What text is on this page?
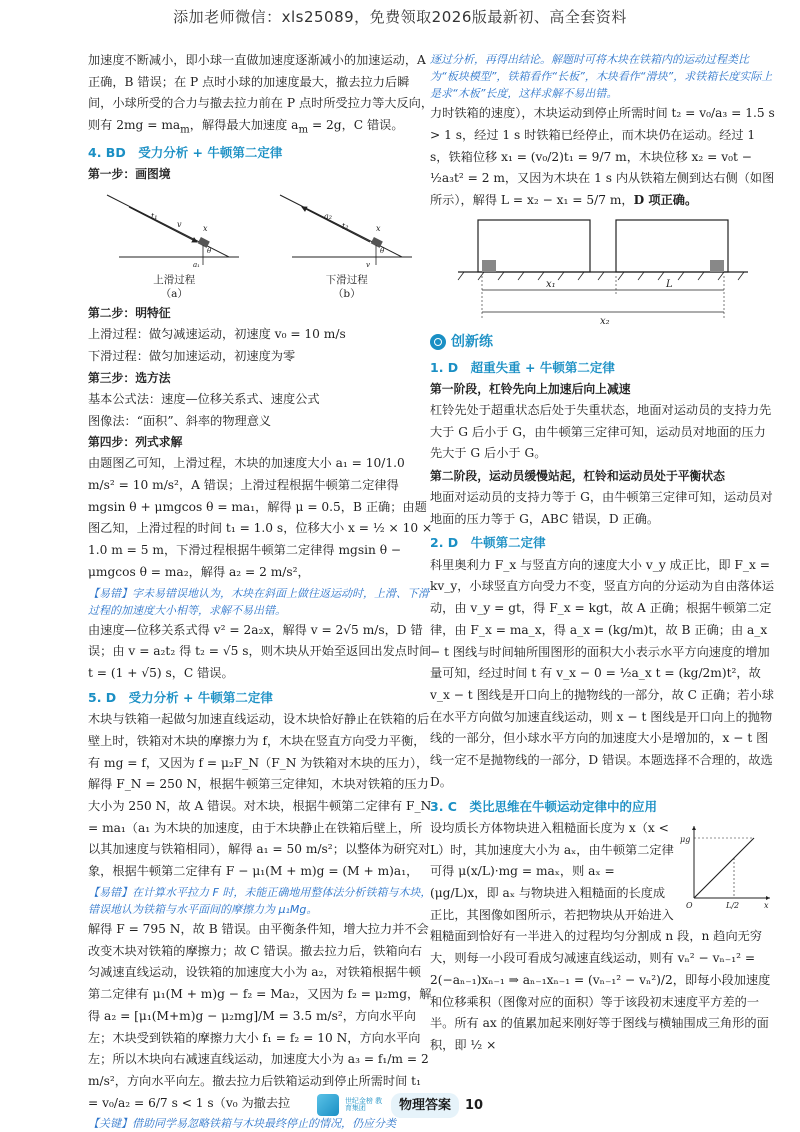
添加老师微信：xls25089，免费领取2026版最新初、高全套资料

加速度不断减小，即小球一直做加速度逐渐减小的加速运动，A 正确，B 错误；在 P 点时小球的加速度最大，撤去拉力后瞬间，小球所受的合力与撤去拉力前在 P 点时所受拉力等大反向，则有 $2mg = ma_m$，解得最大加速度 $a_m = 2g$，C 错误。

4. BD　受力分析 + 牛顿第二定律
第一步：画图境
t₁
v	x
θ
a₁
上滑过程
（a）
a₂
t₂	x
θ
v
下滑过程
（b）
第二步：明特征

上滑过程：做匀减速运动，初速度 v₀ = 10 m/s

下滑过程：做匀加速运动，初速度为零

第三步：选方法

基本公式法：速度—位移关系式、速度公式

图像法：“面积”、斜率的物理意义

第四步：列式求解

由题图乙可知，上滑过程，木块的加速度大小 a₁ = 10/1.0 m/s² = 10 m/s²，A 错误；上滑过程根据牛顿第二定律得 mgsin θ + μmgcos θ = ma₁，解得 μ = 0.5，B 正确；由题图乙知，上滑过程的时间 t₁ = 1.0 s，位移大小 x = ½ × 10 × 1.0 m = 5 m，下滑过程根据牛顿第二定律得 mgsin θ − μmgcos θ = ma₂，解得 a₂ = 2 m/s²，

【易错】字未易错误地认为，木块在斜面上做往返运动时，上滑、下滑过程的加速度大小相等，求解不易出错。

由速度—位移关系式得 v² = 2a₂x，解得 v = 2√5 m/s，D 错误；由 v = a₂t₂ 得 t₂ = √5 s，则木块从开始至返回出发点时间 t = (1 + √5) s，C 错误。

5. D　受力分析 + 牛顿第二定律

木块与铁箱一起做匀加速直线运动，设木块恰好静止在铁箱的后壁上时，铁箱对木块的摩擦力为 f，木块在竖直方向受力平衡，有 mg = f，又因为 f = μ₂F_N（F_N 为铁箱对木块的压力），解得 F_N = 250 N，根据牛顿第三定律知，木块对铁箱的压力大小为 250 N，故 A 错误。对木块，根据牛顿第二定律有 F_N = ma₁（a₁ 为木块的加速度，由于木块静止在铁箱后壁上，所以其加速度与铁箱相同），解得 a₁ = 50 m/s²；以整体为研究对象，根据牛顿第二定律有 F − μ₁(M + m)g = (M + m)a₁，

【易错】在计算水平拉力 F 时，未能正确地用整体法分析铁箱与木块，错误地认为铁箱与水平面间的摩擦力为 μ₁Mg。

解得 F = 795 N，故 B 错误。由平衡条件知，增大拉力并不会改变木块对铁箱的摩擦力；故 C 错误。撤去拉力后，铁箱向右匀减速直线运动，设铁箱的加速度大小为 a₂，对铁箱根据牛顿第二定律有 μ₁(M + m)g − f₂ = Ma₂，又因为 f₂ = μ₂mg，解得 a₂ = [μ₁(M+m)g − μ₂mg]/M = 3.5 m/s²，方向水平向左；木块受到铁箱的摩擦力大小 f₁ = f₂ = 10 N，方向水平向左；所以木块向右减速直线运动，加速度大小为 a₃ = f₁/m = 2 m/s²，方向水平向左。撤去拉力后铁箱运动到停止所需时间 t₁ = v₀/a₂ = 6/7 s < 1 s（v₀ 为撤去拉

【关键】借助同学易忽略铁箱与木块最终停止的情况，仍应分类

逐过分析，再得出结论。解题时可将木块在铁箱内的运动过程类比为“板块模型”，铁箱看作“长板”，木块看作“滑块”，求铁箱长度实际上是求“木板”长度，这样求解不易出错。

力时铁箱的速度），木块运动到停止所需时间 t₂ = v₀/a₃ = 1.5 s > 1 s，经过 1 s 时铁箱已经停止，而木块仍在运动。经过 1 s，铁箱位移 x₁ = (v₀/2)t₁ = 9/7 m，木块位移 x₂ = v₀t − ½a₃t² = 2 m，又因为木块在 1 s 内从铁箱左侧到达右侧（如图所示），解得 L = x₂ − x₁ = 5/7 m，D 项正确。

x₁	L
x₂
创新练
1. D　超重失重 + 牛顿第二定律

第一阶段，杠铃先向上加速后向上减速

杠铃先处于超重状态后处于失重状态，地面对运动员的支持力先大于 G 后小于 G，由牛顿第三定律可知，运动员对地面的压力先大于 G 后小于 G。

第二阶段，运动员缓慢站起，杠铃和运动员处于平衡状态

地面对运动员的支持力等于 G，由牛顿第三定律可知，运动员对地面的压力等于 G，ABC 错误，D 正确。

2. D　牛顿第二定律

科里奥利力 F_x 与竖直方向的速度大小 v_y 成正比，即 F_x = kv_y，小球竖直方向受力不变，竖直方向的分运动为自由落体运动，由 v_y = gt，得 F_x = kgt，故 A 正确；根据牛顿第二定律，由 F_x = ma_x，得 a_x = (kg/m)t，故 B 正确；由 a_x − t 图线与时间轴所围图形的面积大小表示水平方向速度的增加量可知，经过时间 t 有 v_x − 0 = ½a_x t = (kg/2m)t²，故 v_x − t 图线是开口向上的抛物线的一部分，故 C 正确；若小球在水平方向做匀加速直线运动，则 x − t 图线是开口向上的抛物线的一部分，但小球水平方向的加速度大小是增加的，x − t 图线一定不是抛物线的一部分，D 错误。本题选择不合理的，故选 D。

3. C　类比思维在牛顿运动定律中的应用
μg
x
L/2
O

设均质长方体物块进入粗糙面长度为 x（x < L）时，其加速度大小为 aₓ，由牛顿第二定律可得 μ(x/L)·mg = maₓ，则 aₓ = (μg/L)x，即 aₓ 与物块进入粗糙面的长度成正比，其图像如图所示，若把物块从开始进入粗糙面到恰好有一半进入的过程均匀分割成 n 段，n 趋向无穷大，则每一小段可看成匀减速直线运动，则有 vₙ² − vₙ₋₁² = 2(−aₙ₋₁)xₙ₋₁ ⇒ aₙ₋₁xₙ₋₁ = (vₙ₋₁² − vₙ²)/2，即每小段加速度和位移乘积（图像对应的面积）等于该段初末速度平方差的一半。所有 ax 的值累加起来刚好等于图线与横轴围成三角形的面积，即 ½ ×

世纪金榜 教育集团	物理答案	10
